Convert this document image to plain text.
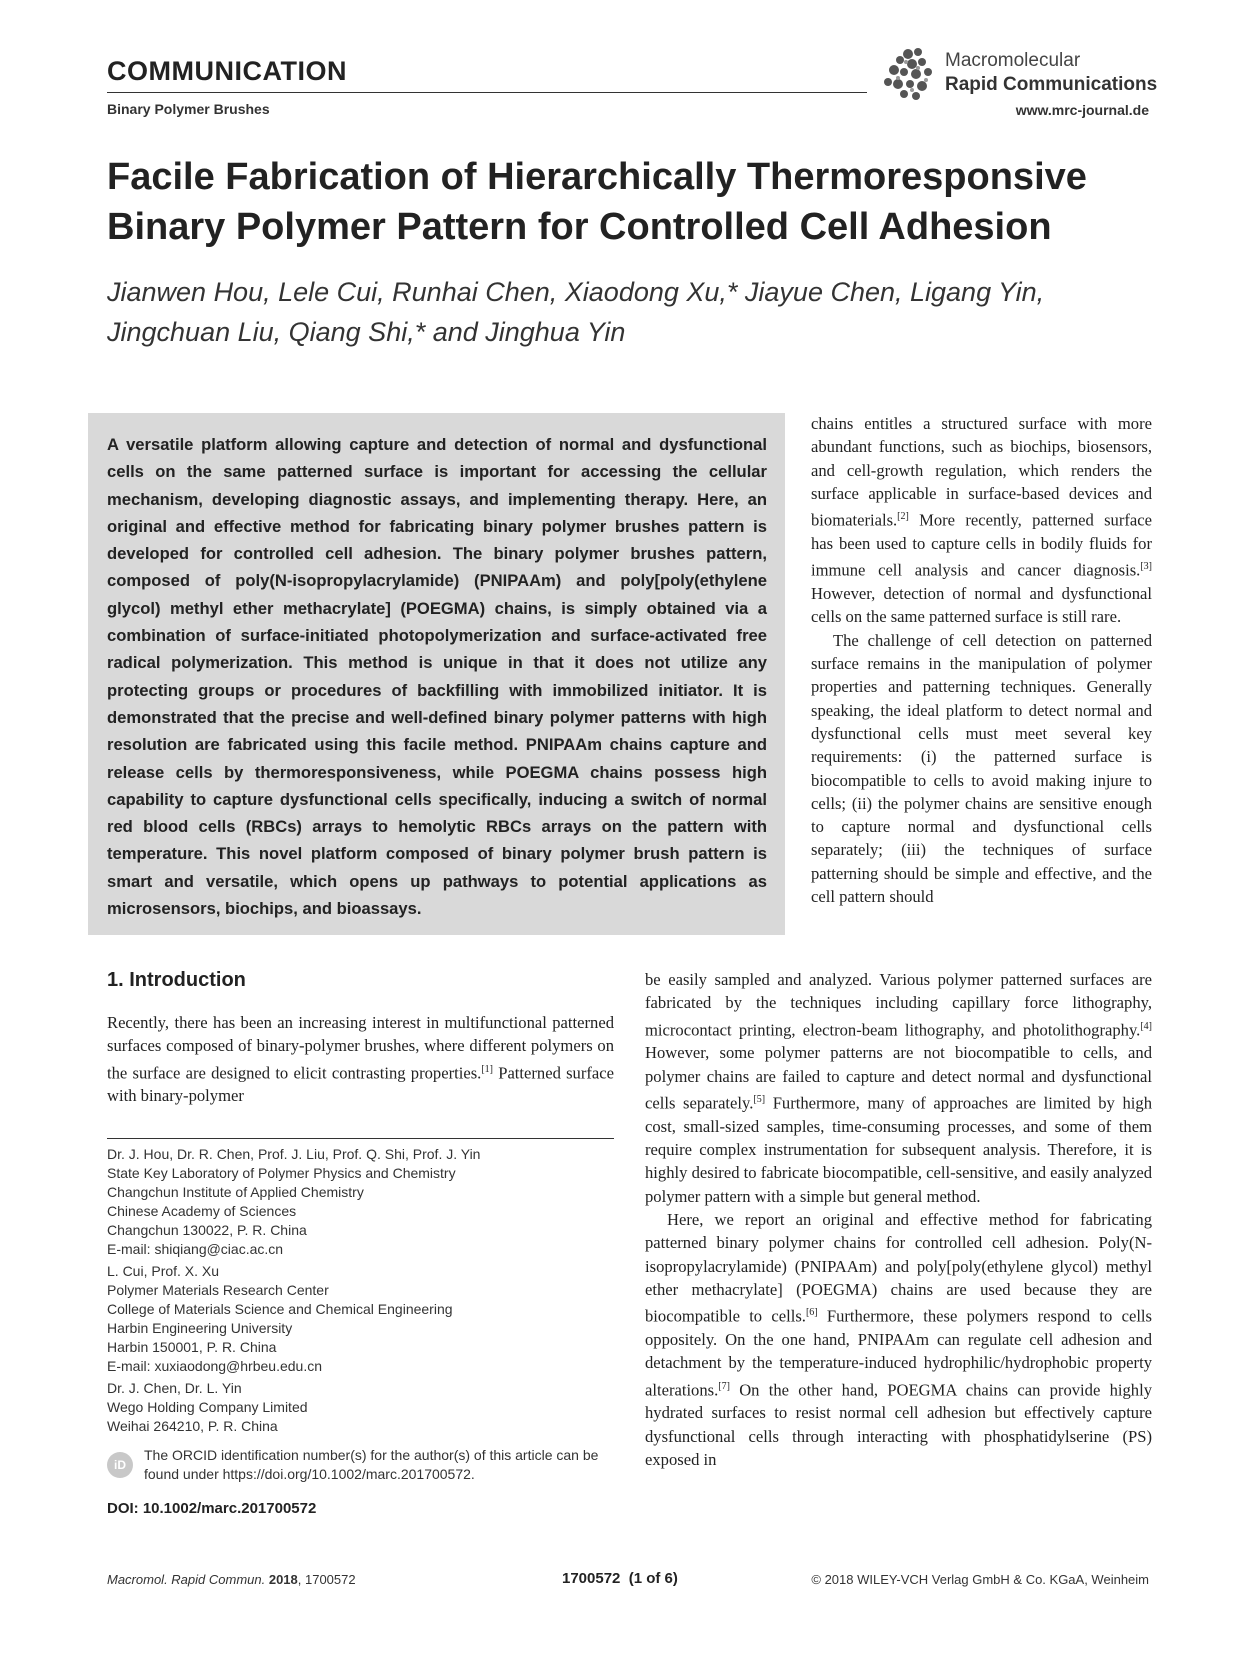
COMMUNICATION
Binary Polymer Brushes
Macromolecular
Rapid Communications
www.mrc-journal.de
Facile Fabrication of Hierarchically Thermoresponsive Binary Polymer Pattern for Controlled Cell Adhesion
Jianwen Hou, Lele Cui, Runhai Chen, Xiaodong Xu,* Jiayue Chen, Ligang Yin, Jingchuan Liu, Qiang Shi,* and Jinghua Yin
A versatile platform allowing capture and detection of normal and dysfunctional cells on the same patterned surface is important for accessing the cellular mechanism, developing diagnostic assays, and implementing therapy. Here, an original and effective method for fabricating binary polymer brushes pattern is developed for controlled cell adhesion. The binary polymer brushes pattern, composed of poly(N-isopropylacrylamide) (PNIPAAm) and poly[poly(ethylene glycol) methyl ether methacrylate] (POEGMA) chains, is simply obtained via a combination of surface-initiated photopolymerization and surface-activated free radical polymerization. This method is unique in that it does not utilize any protecting groups or procedures of backfilling with immobilized initiator. It is demonstrated that the precise and well-defined binary polymer patterns with high resolution are fabricated using this facile method. PNIPAAm chains capture and release cells by thermoresponsiveness, while POEGMA chains possess high capability to capture dysfunctional cells specifically, inducing a switch of normal red blood cells (RBCs) arrays to hemolytic RBCs arrays on the pattern with temperature. This novel platform composed of binary polymer brush pattern is smart and versatile, which opens up pathways to potential applications as microsensors, biochips, and bioassays.

chains entitles a structured surface with more abundant functions, such as biochips, biosensors, and cell-growth regulation, which renders the surface applicable in surface-based devices and biomaterials.[2] More recently, patterned surface has been used to capture cells in bodily fluids for immune cell analysis and cancer diagnosis.[3] However, detection of normal and dysfunctional cells on the same patterned surface is still rare.

The challenge of cell detection on patterned surface remains in the manipulation of polymer properties and patterning techniques. Generally speaking, the ideal platform to detect normal and dysfunctional cells must meet several key requirements: (i) the patterned surface is biocompatible to cells to avoid making injure to cells; (ii) the polymer chains are sensitive enough to capture normal and dysfunctional cells separately; (iii) the techniques of surface patterning should be simple and effective, and the cell pattern should

1. Introduction

Recently, there has been an increasing interest in multifunctional patterned surfaces composed of binary-polymer brushes, where different polymers on the surface are designed to elicit contrasting properties.[1] Patterned surface with binary-polymer

be easily sampled and analyzed. Various polymer patterned surfaces are fabricated by the techniques including capillary force lithography, microcontact printing, electron-beam lithography, and photolithography.[4] However, some polymer patterns are not biocompatible to cells, and polymer chains are failed to capture and detect normal and dysfunctional cells separately.[5] Furthermore, many of approaches are limited by high cost, small-sized samples, time-consuming processes, and some of them require complex instrumentation for subsequent analysis. Therefore, it is highly desired to fabricate biocompatible, cell-sensitive, and easily analyzed polymer pattern with a simple but general method.

Here, we report an original and effective method for fabricating patterned binary polymer chains for controlled cell adhesion. Poly(N-isopropylacrylamide) (PNIPAAm) and poly[poly(ethylene glycol) methyl ether methacrylate] (POEGMA) chains are used because they are biocompatible to cells.[6] Furthermore, these polymers respond to cells oppositely. On the one hand, PNIPAAm can regulate cell adhesion and detachment by the temperature-induced hydrophilic/hydrophobic property alterations.[7] On the other hand, POEGMA chains can provide highly hydrated surfaces to resist normal cell adhesion but effectively capture dysfunctional cells through interacting with phosphatidylserine (PS) exposed in

Dr. J. Hou, Dr. R. Chen, Prof. J. Liu, Prof. Q. Shi, Prof. J. Yin
State Key Laboratory of Polymer Physics and Chemistry
Changchun Institute of Applied Chemistry
Chinese Academy of Sciences
Changchun 130022, P. R. China
E-mail: shiqiang@ciac.ac.cn
L. Cui, Prof. X. Xu
Polymer Materials Research Center
College of Materials Science and Chemical Engineering
Harbin Engineering University
Harbin 150001, P. R. China
E-mail: xuxiaodong@hrbeu.edu.cn
Dr. J. Chen, Dr. L. Yin
Wego Holding Company Limited
Weihai 264210, P. R. China
iD
The ORCID identification number(s) for the author(s) of this article can be found under https://doi.org/10.1002/marc.201700572.
DOI: 10.1002/marc.201700572
Macromol. Rapid Commun. 2018, 1700572	1700572  (1 of 6)	© 2018 WILEY-VCH Verlag GmbH & Co. KGaA, Weinheim
